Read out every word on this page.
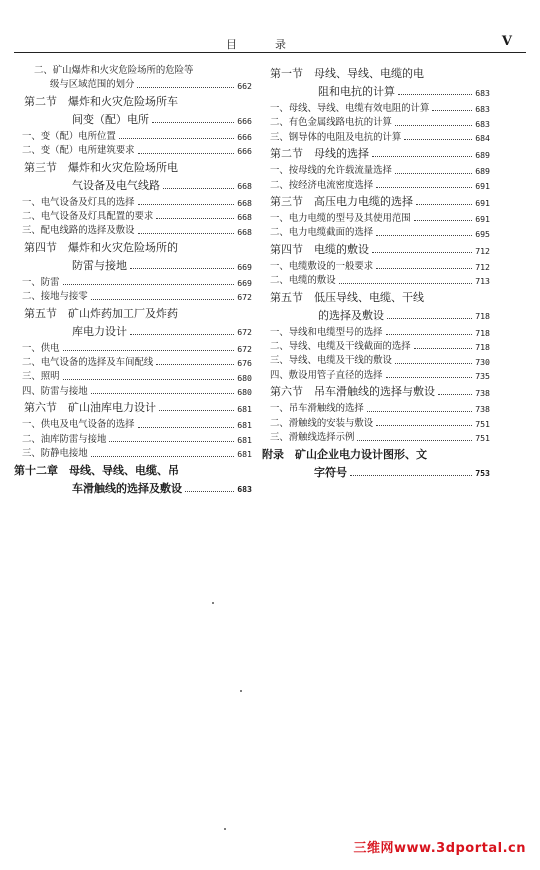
目	录	Ⅴ
二、矿山爆炸和火灾危险场所的危险等
级与区域范围的划分	662
第二节　爆炸和火灾危险场所车
间变（配）电所	666
一、变（配）电所位置	666
二、变（配）电所建筑要求	666
第三节　爆炸和火灾危险场所电
气设备及电气线路	668
一、电气设备及灯具的选择	668
二、电气设备及灯具配置的要求	668
三、配电线路的选择及敷设	668
第四节　爆炸和火灾危险场所的
防雷与接地	669
一、防雷	669
二、接地与接零	672
第五节　矿山炸药加工厂及炸药
库电力设计	672
一、供电	672
二、电气设备的选择及车间配线	676
三、照明	680
四、防雷与接地	680
第六节　矿山油库电力设计	681
一、供电及电气设备的选择	681
二、油库防雷与接地	681
三、防静电接地	681
第十二章　母线、导线、电缆、吊
车滑触线的选择及敷设	683
第一节　母线、导线、电缆的电
阻和电抗的计算	683
一、母线、导线、电缆有效电阻的计算	683
二、有色金属线路电抗的计算	683
三、钢导体的电阻及电抗的计算	684
第二节　母线的选择	689
一、按母线的允许载流量选择	689
二、按经济电流密度选择	691
第三节　高压电力电缆的选择	691
一、电力电缆的型号及其使用范围	691
二、电力电缆截面的选择	695
第四节　电缆的敷设	712
一、电缆敷设的一般要求	712
二、电缆的敷设	713
第五节　低压导线、电缆、干线
的选择及敷设	718
一、导线和电缆型号的选择	718
二、导线、电缆及干线截面的选择	718
三、导线、电缆及干线的敷设	730
四、敷设用管子直径的选择	735
第六节　吊车滑触线的选择与敷设	738
一、吊车滑触线的选择	738
二、滑触线的安装与敷设	751
三、滑触线选择示例	751
附录　矿山企业电力设计图形、文
字符号	753
三维网www.3dportal.cn
